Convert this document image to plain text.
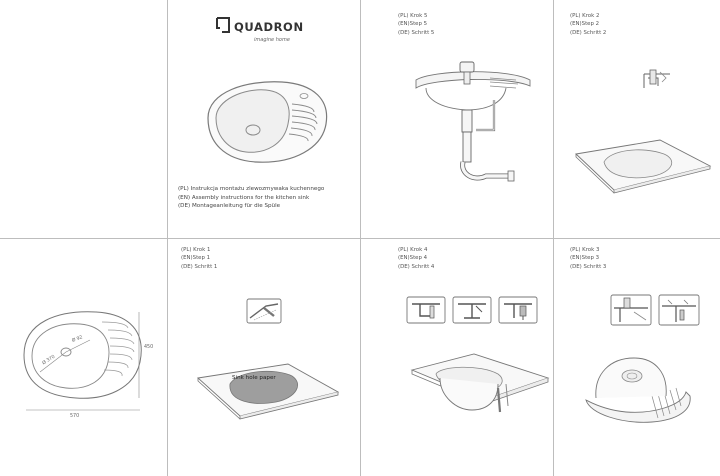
QUADRON
imagine home
(PL) Instrukcja montażu zlewozmywaka kuchennego
(EN) Assembly instructions for the kitchen sink
(DE) Montageanleitung für die Spüle
(PL) Krok 5
(EN)Step 5
(DE) Schritt 5
(PL) Krok 2
(EN)Step 2
(DE) Schritt 2
Ø 370
Ø 92
450
570
(PL) Krok 1
(EN)Step 1
(DE) Schritt 1
Sink hole paper
(PL) Krok 4
(EN)Step 4
(DE) Schritt 4
(PL) Krok 3
(EN)Step 3
(DE) Schritt 3
